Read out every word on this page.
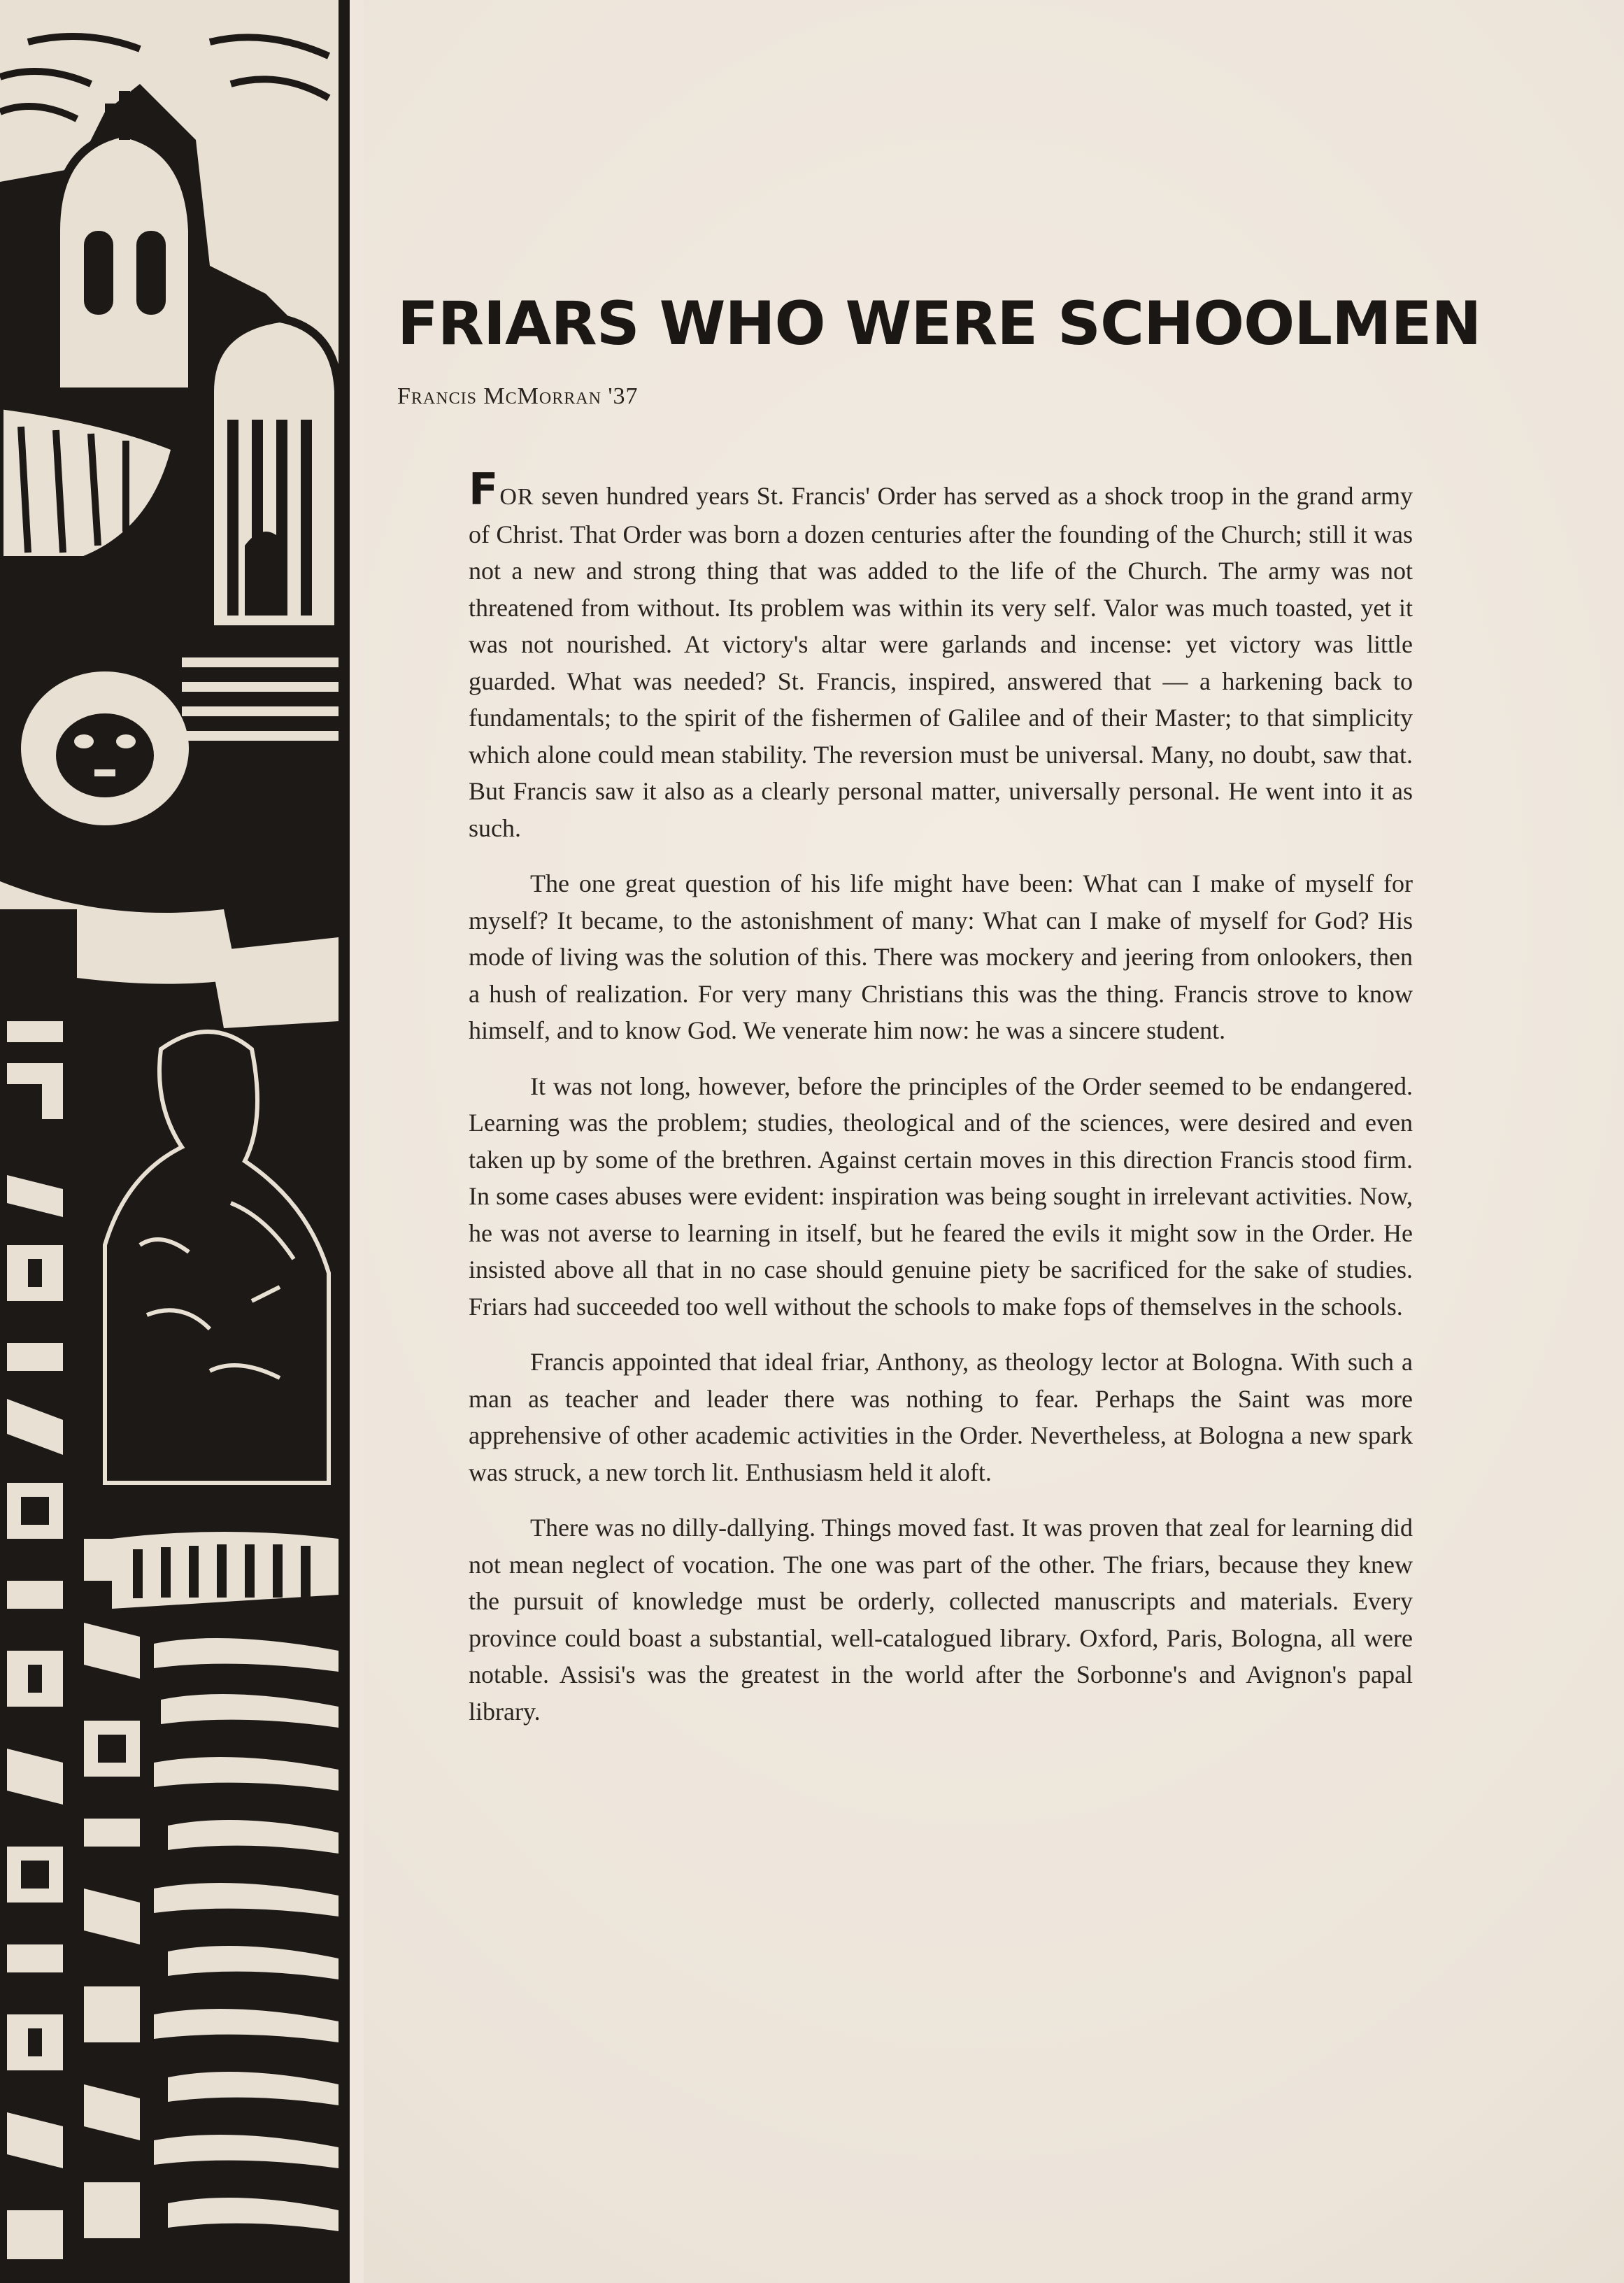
FRIARS WHO WERE SCHOOLMEN
Francis McMorran '37

FOR seven hundred years St. Francis' Order has served as a shock troop in the grand army of Christ. That Order was born a dozen centuries after the founding of the Church; still it was not a new and strong thing that was added to the life of the Church. The army was not threatened from without. Its problem was within its very self. Valor was much toasted, yet it was not nourished. At victory's altar were garlands and incense: yet victory was little guarded. What was needed? St. Francis, inspired, answered that — a harkening back to fundamentals; to the spirit of the fishermen of Galilee and of their Master; to that simplicity which alone could mean stability. The reversion must be universal. Many, no doubt, saw that. But Francis saw it also as a clearly personal matter, universally personal. He went into it as such.

The one great question of his life might have been: What can I make of myself for myself? It became, to the astonishment of many: What can I make of myself for God? His mode of living was the solution of this. There was mockery and jeering from onlookers, then a hush of realization. For very many Christians this was the thing. Francis strove to know himself, and to know God. We venerate him now: he was a sincere student.

It was not long, however, before the principles of the Order seemed to be endangered. Learning was the problem; studies, theological and of the sciences, were desired and even taken up by some of the brethren. Against certain moves in this direction Francis stood firm. In some cases abuses were evident: inspiration was being sought in irrelevant activities. Now, he was not averse to learning in itself, but he feared the evils it might sow in the Order. He insisted above all that in no case should genuine piety be sacrificed for the sake of studies. Friars had succeeded too well without the schools to make fops of themselves in the schools.

Francis appointed that ideal friar, Anthony, as theology lector at Bologna. With such a man as teacher and leader there was nothing to fear. Perhaps the Saint was more apprehensive of other academic activities in the Order. Nevertheless, at Bologna a new spark was struck, a new torch lit. Enthusiasm held it aloft.

There was no dilly-dallying. Things moved fast. It was proven that zeal for learning did not mean neglect of vocation. The one was part of the other. The friars, because they knew the pursuit of knowledge must be orderly, collected manuscripts and materials. Every province could boast a substantial, well-catalogued library. Oxford, Paris, Bologna, all were notable. Assisi's was the greatest in the world after the Sorbonne's and Avignon's papal library.
